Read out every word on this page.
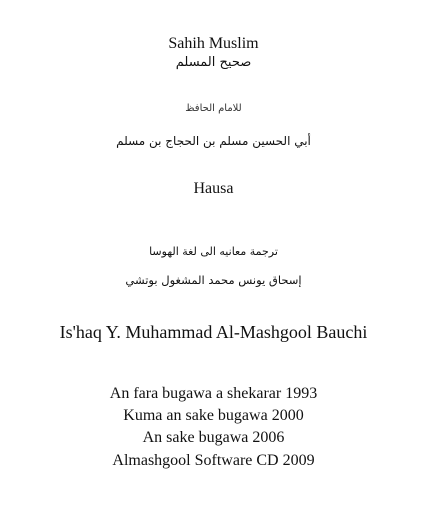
Sahih Muslim
صحيح المسلم
للامام الحافظ
أبي الحسين مسلم بن الحجاج بن مسلم
Hausa
ترجمة معانيه الى لغة الهوسا
إسحاق يونس محمد المشغول بوتشي
Is'haq Y. Muhammad Al-Mashgool Bauchi
An fara bugawa a shekarar 1993
Kuma an sake bugawa 2000
An sake bugawa 2006
Almashgool Software CD 2009
